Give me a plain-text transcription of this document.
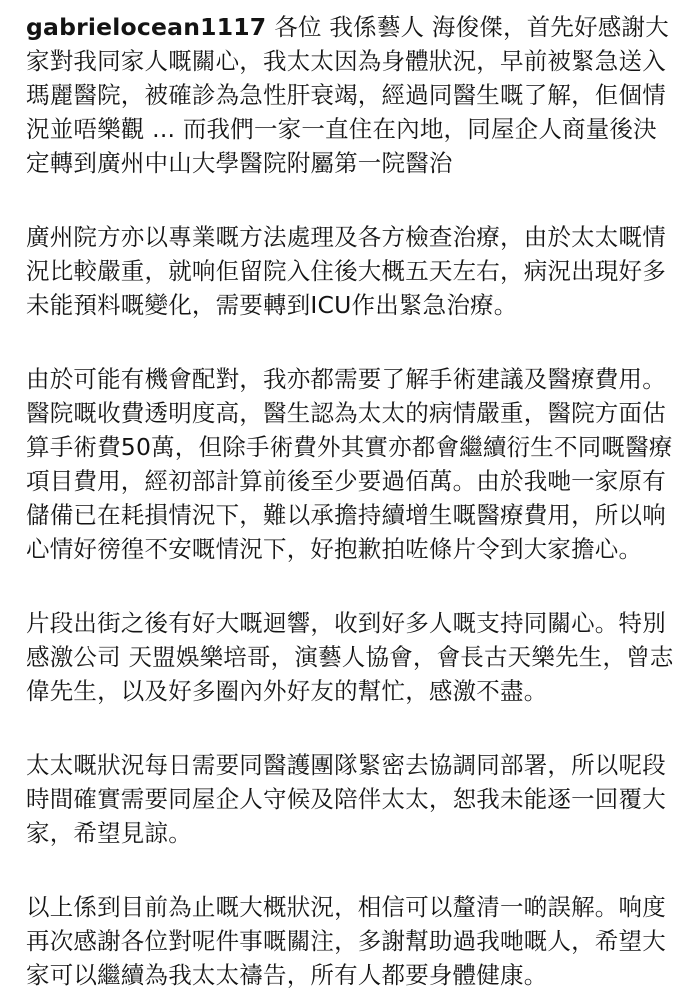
gabrielocean1117 各位 我係藝人 海俊傑，首先好感謝大家對我同家人嘅關心，我太太因為身體狀況，早前被緊急送入瑪麗醫院，被確診為急性肝衰竭，經過同醫生嘅了解，佢個情況並唔樂觀 ... 而我們一家一直住在內地，同屋企人商量後決定轉到廣州中山大學醫院附屬第一院醫治

廣州院方亦以專業嘅方法處理及各方檢查治療，由於太太嘅情況比較嚴重，就响佢留院入住後大概五天左右，病況出現好多未能預料嘅變化，需要轉到ICU作出緊急治療。

由於可能有機會配對，我亦都需要了解手術建議及醫療費用。醫院嘅收費透明度高，醫生認為太太的病情嚴重，醫院方面估算手術費50萬，但除手術費外其實亦都會繼續衍生不同嘅醫療項目費用，經初部計算前後至少要過佰萬。由於我哋一家原有儲備已在耗損情況下，難以承擔持續增生嘅醫療費用，所以响心情好徬徨不安嘅情況下，好抱歉拍咗條片令到大家擔心。

片段出街之後有好大嘅迴響，收到好多人嘅支持同關心。特別感激公司 天盟娛樂培哥，演藝人協會，會長古天樂先生，曾志偉先生，以及好多圈內外好友的幫忙，感激不盡。

太太嘅狀況每日需要同醫護團隊緊密去協調同部署，所以呢段時間確實需要同屋企人守候及陪伴太太，恕我未能逐一回覆大家，希望見諒。

以上係到目前為止嘅大概狀況，相信可以釐清一啲誤解。响度再次感謝各位對呢件事嘅關注，多謝幫助過我哋嘅人，希望大家可以繼續為我太太禱告，所有人都要身體健康。
